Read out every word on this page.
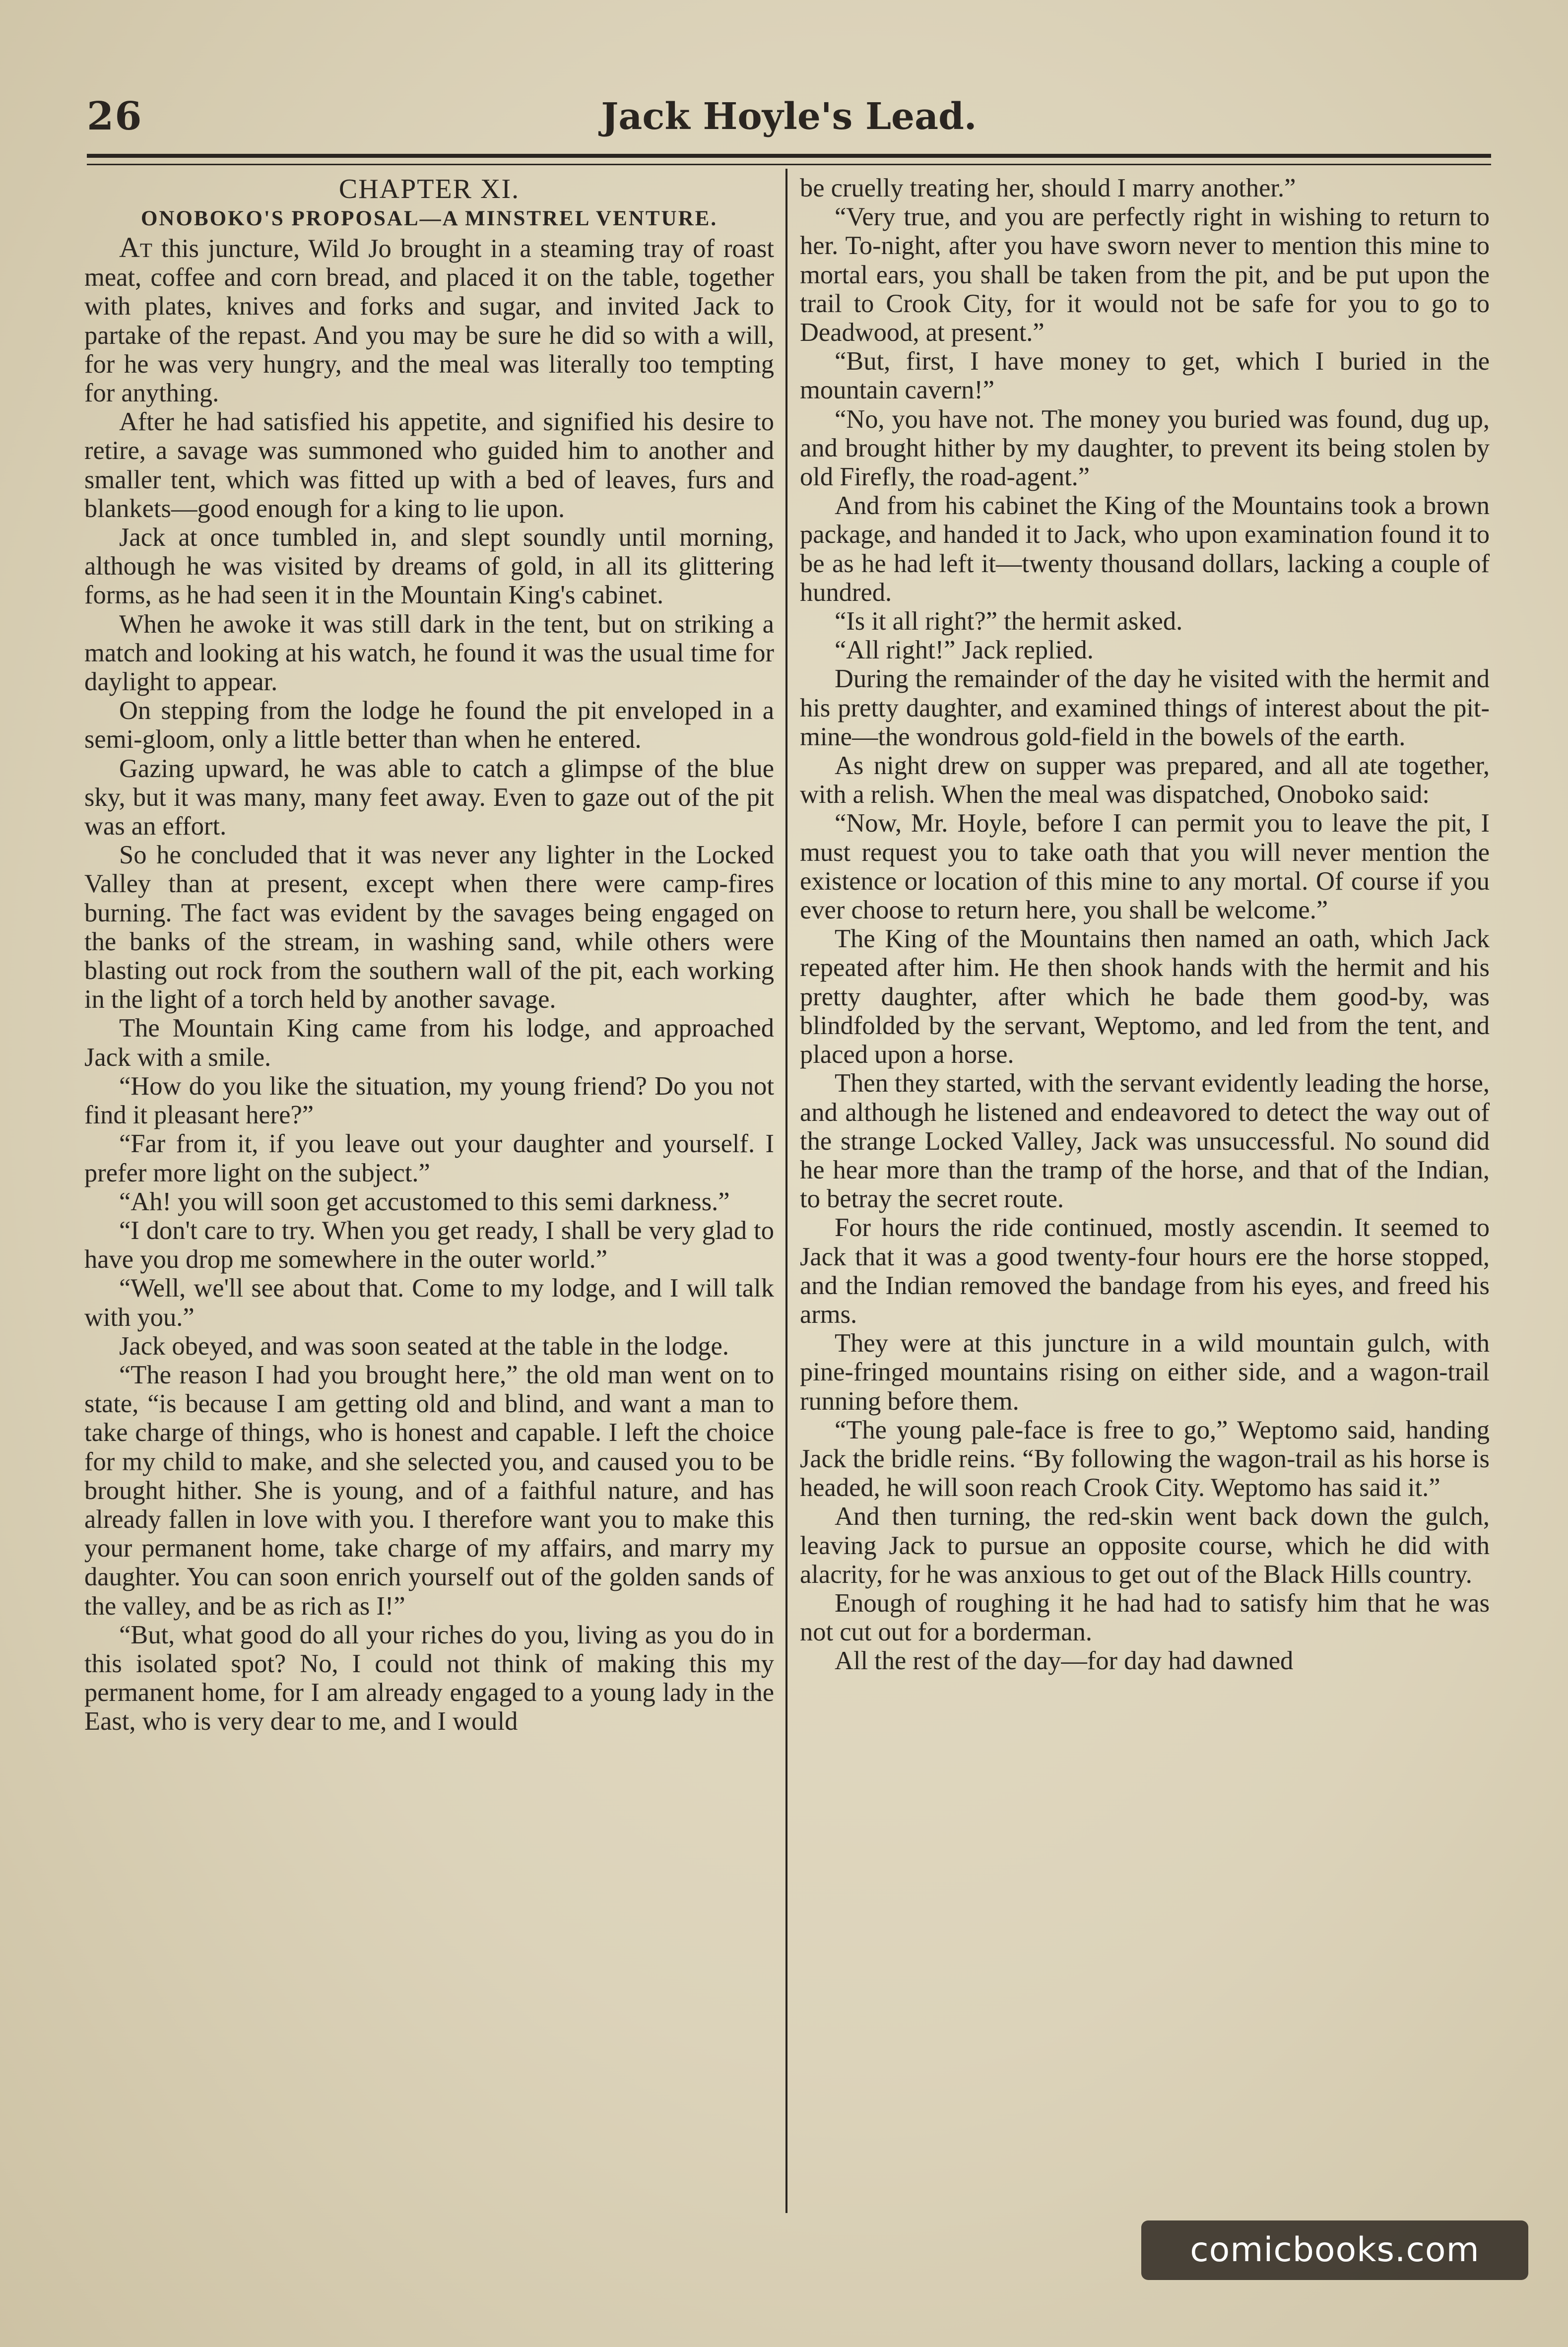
26	Jack Hoyle's Lead.
CHAPTER XI.
ONOBOKO'S PROPOSAL—A MINSTREL VENTURE.

At this juncture, Wild Jo brought in a steaming tray of roast meat, coffee and corn bread, and placed it on the table, together with plates, knives and forks and sugar, and invited Jack to partake of the repast. And you may be sure he did so with a will, for he was very hungry, and the meal was literally too tempting for anything.

After he had satisfied his appetite, and signified his desire to retire, a savage was summoned who guided him to another and smaller tent, which was fitted up with a bed of leaves, furs and blankets—good enough for a king to lie upon.

Jack at once tumbled in, and slept soundly until morning, although he was visited by dreams of gold, in all its glittering forms, as he had seen it in the Mountain King's cabinet.

When he awoke it was still dark in the tent, but on striking a match and looking at his watch, he found it was the usual time for daylight to appear.

On stepping from the lodge he found the pit enveloped in a semi-gloom, only a little better than when he entered.

Gazing upward, he was able to catch a glimpse of the blue sky, but it was many, many feet away. Even to gaze out of the pit was an effort.

So he concluded that it was never any lighter in the Locked Valley than at present, except when there were camp-fires burning. The fact was evident by the savages being engaged on the banks of the stream, in washing sand, while others were blasting out rock from the southern wall of the pit, each working in the light of a torch held by another savage.

The Mountain King came from his lodge, and approached Jack with a smile.

“How do you like the situation, my young friend? Do you not find it pleasant here?”

“Far from it, if you leave out your daughter and yourself. I prefer more light on the subject.”

“Ah! you will soon get accustomed to this semi darkness.”

“I don't care to try. When you get ready, I shall be very glad to have you drop me somewhere in the outer world.”

“Well, we'll see about that. Come to my lodge, and I will talk with you.”

Jack obeyed, and was soon seated at the table in the lodge.

“The reason I had you brought here,” the old man went on to state, “is because I am getting old and blind, and want a man to take charge of things, who is honest and capable. I left the choice for my child to make, and she selected you, and caused you to be brought hither. She is young, and of a faithful nature, and has already fallen in love with you. I therefore want you to make this your permanent home, take charge of my affairs, and marry my daughter. You can soon enrich yourself out of the golden sands of the valley, and be as rich as I!”

“But, what good do all your riches do you, living as you do in this isolated spot? No, I could not think of making this my permanent home, for I am already engaged to a young lady in the East, who is very dear to me, and I would

be cruelly treating her, should I marry another.”

“Very true, and you are perfectly right in wishing to return to her. To-night, after you have sworn never to mention this mine to mortal ears, you shall be taken from the pit, and be put upon the trail to Crook City, for it would not be safe for you to go to Deadwood, at present.”

“But, first, I have money to get, which I buried in the mountain cavern!”

“No, you have not. The money you buried was found, dug up, and brought hither by my daughter, to prevent its being stolen by old Firefly, the road-agent.”

And from his cabinet the King of the Mountains took a brown package, and handed it to Jack, who upon examination found it to be as he had left it—twenty thousand dollars, lacking a couple of hundred.

“Is it all right?” the hermit asked.

“All right!” Jack replied.

During the remainder of the day he visited with the hermit and his pretty daughter, and examined things of interest about the pit-mine—the wondrous gold-field in the bowels of the earth.

As night drew on supper was prepared, and all ate together, with a relish. When the meal was dispatched, Onoboko said:

“Now, Mr. Hoyle, before I can permit you to leave the pit, I must request you to take oath that you will never mention the existence or location of this mine to any mortal. Of course if you ever choose to return here, you shall be welcome.”

The King of the Mountains then named an oath, which Jack repeated after him. He then shook hands with the hermit and his pretty daughter, after which he bade them good-by, was blindfolded by the servant, Weptomo, and led from the tent, and placed upon a horse.

Then they started, with the servant evidently leading the horse, and although he listened and endeavored to detect the way out of the strange Locked Valley, Jack was unsuccessful. No sound did he hear more than the tramp of the horse, and that of the Indian, to betray the secret route.

For hours the ride continued, mostly ascendin. It seemed to Jack that it was a good twenty-four hours ere the horse stopped, and the Indian removed the bandage from his eyes, and freed his arms.

They were at this juncture in a wild mountain gulch, with pine-fringed mountains rising on either side, and a wagon-trail running before them.

“The young pale-face is free to go,” Weptomo said, handing Jack the bridle reins. “By following the wagon-trail as his horse is headed, he will soon reach Crook City. Weptomo has said it.”

And then turning, the red-skin went back down the gulch, leaving Jack to pursue an opposite course, which he did with alacrity, for he was anxious to get out of the Black Hills country.

Enough of roughing it he had had to satisfy him that he was not cut out for a borderman.

All the rest of the day—for day had dawned

comicbooks.com
